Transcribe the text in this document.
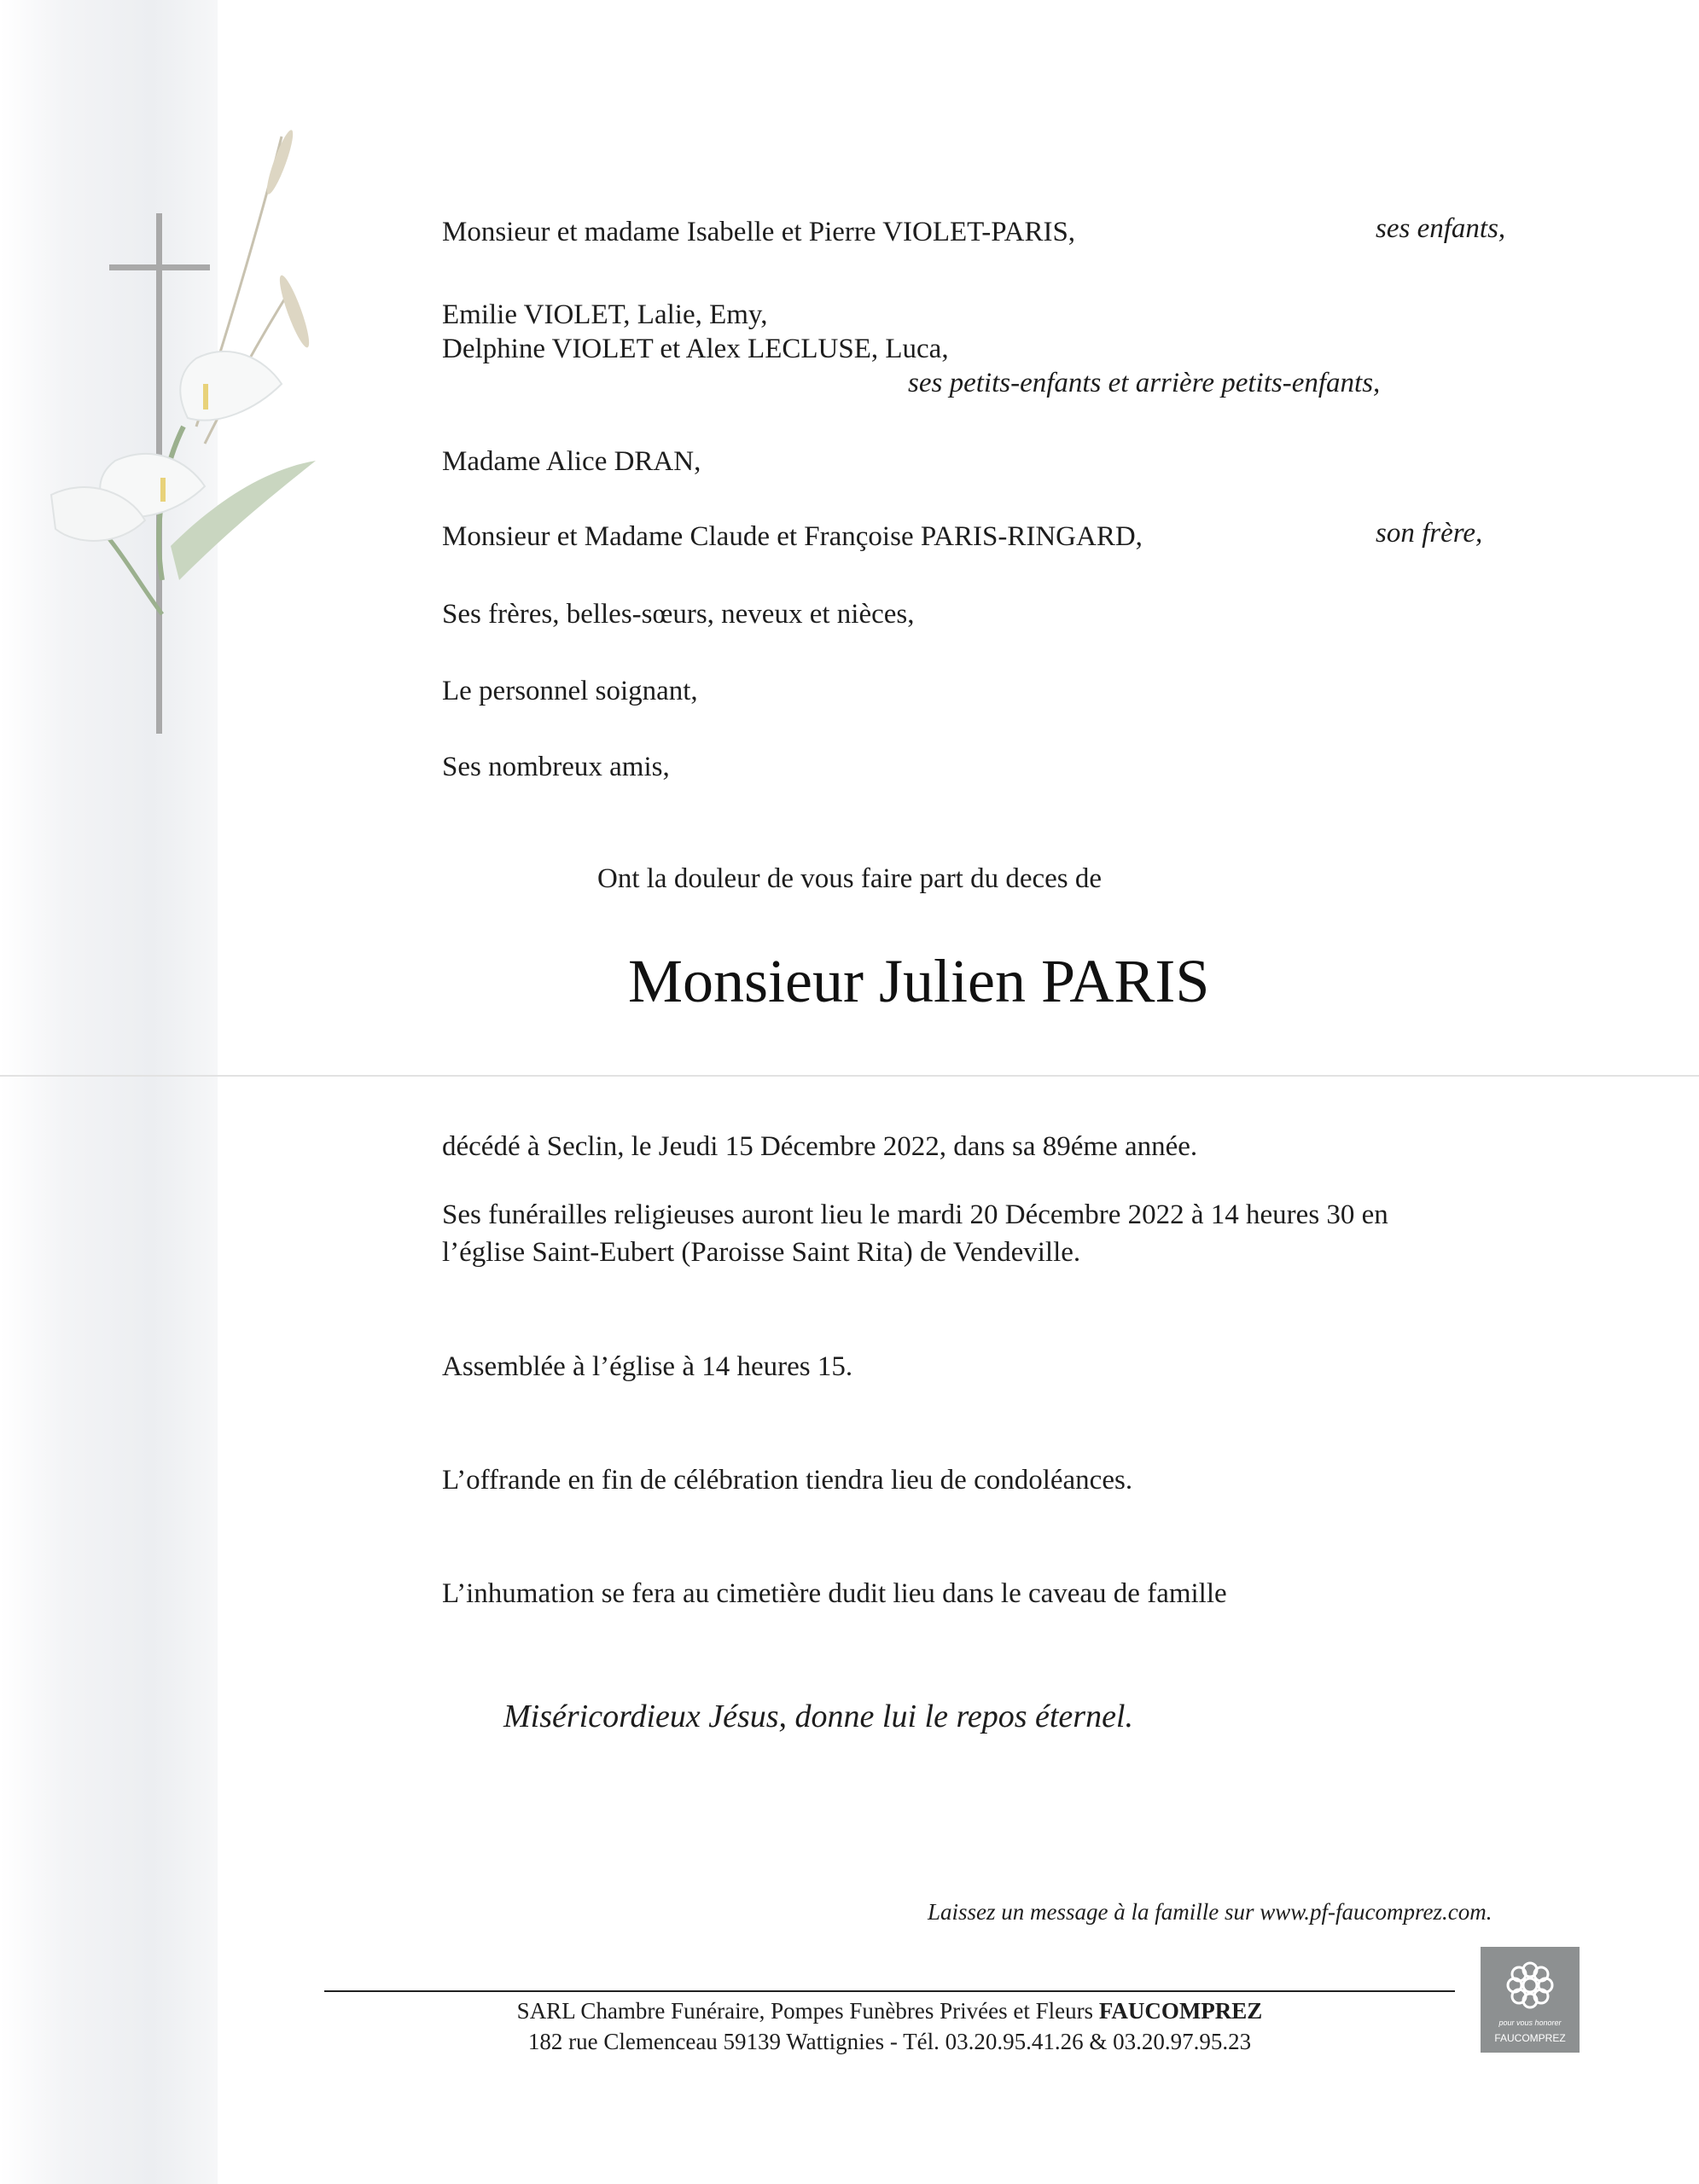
Monsieur et madame Isabelle et Pierre VIOLET-PARIS,	ses enfants,
Emilie VIOLET, Lalie, Emy,
Delphine VIOLET et Alex LECLUSE, Luca,
ses petits-enfants et arrière petits-enfants,
Madame Alice DRAN,
Monsieur et Madame Claude et Françoise PARIS-RINGARD,	son frère,
Ses frères, belles-sœurs, neveux et nièces,
Le personnel soignant,
Ses nombreux amis,
Ont la douleur de vous faire part du deces de
Monsieur Julien PARIS
décédé à Seclin, le Jeudi 15 Décembre 2022, dans sa 89éme année.
Ses funérailles religieuses auront lieu le mardi 20 Décembre 2022 à 14 heures 30 en
l’église Saint-Eubert (Paroisse Saint Rita) de Vendeville.
Assemblée à l’église à 14 heures 15.
L’offrande en fin de célébration tiendra lieu de condoléances.
L’inhumation se fera au cimetière dudit lieu dans le caveau de famille
Miséricordieux Jésus, donne lui le repos éternel.
Laissez un message à la famille sur www.pf-faucomprez.com.
SARL Chambre Funéraire, Pompes Funèbres Privées et Fleurs FAUCOMPREZ
182 rue Clemenceau 59139 Wattignies - Tél. 03.20.95.41.26 & 03.20.97.95.23
pour vous honorer
FAUCOMPREZ
